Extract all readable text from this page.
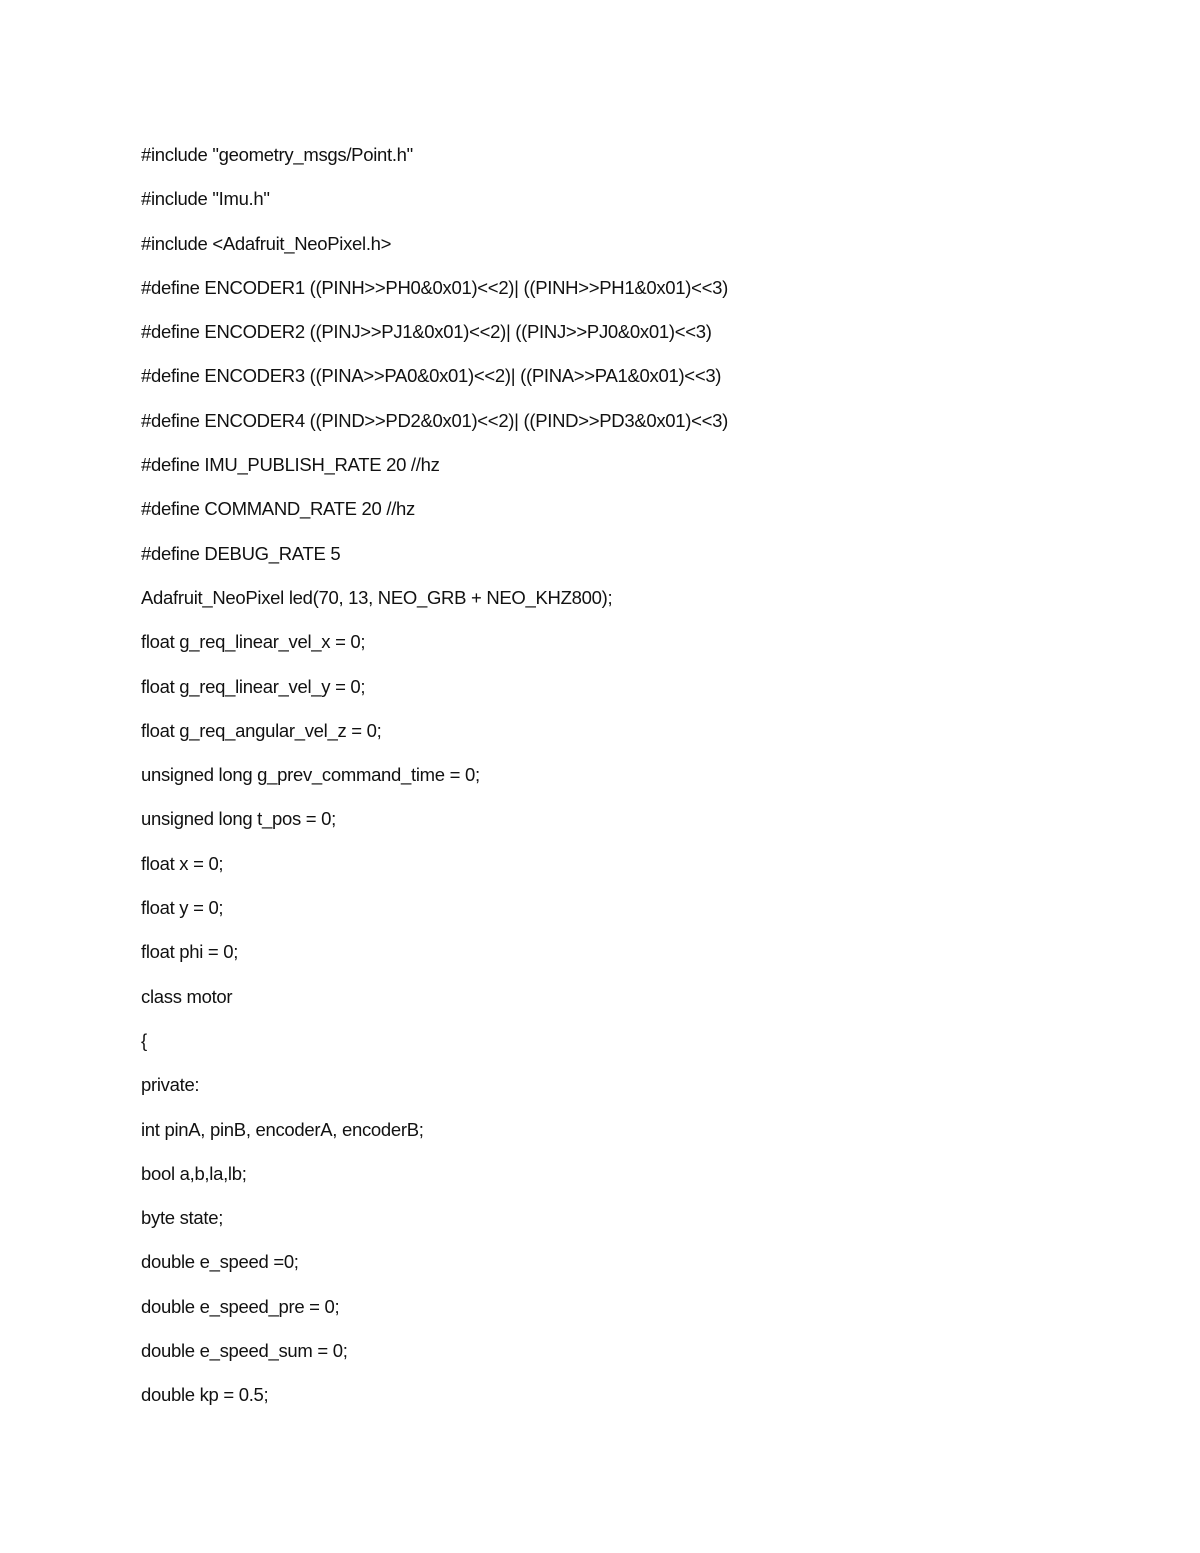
#include "geometry_msgs/Point.h"
#include "Imu.h"
#include <Adafruit_NeoPixel.h>
#define ENCODER1 ((PINH>>PH0&0x01)<<2)| ((PINH>>PH1&0x01)<<3)
#define ENCODER2 ((PINJ>>PJ1&0x01)<<2)| ((PINJ>>PJ0&0x01)<<3)
#define ENCODER3 ((PINA>>PA0&0x01)<<2)| ((PINA>>PA1&0x01)<<3)
#define ENCODER4 ((PIND>>PD2&0x01)<<2)| ((PIND>>PD3&0x01)<<3)
#define IMU_PUBLISH_RATE 20 //hz
#define COMMAND_RATE 20 //hz
#define DEBUG_RATE 5
Adafruit_NeoPixel led(70, 13, NEO_GRB + NEO_KHZ800);
float g_req_linear_vel_x = 0;
float g_req_linear_vel_y = 0;
float g_req_angular_vel_z = 0;
unsigned long g_prev_command_time = 0;
unsigned long t_pos = 0;
float x = 0;
float y = 0;
float phi = 0;
class motor
{
private:
int pinA, pinB, encoderA, encoderB;
bool a,b,la,lb;
byte state;
double e_speed =0;
double e_speed_pre = 0;
double e_speed_sum = 0;
double kp = 0.5;
